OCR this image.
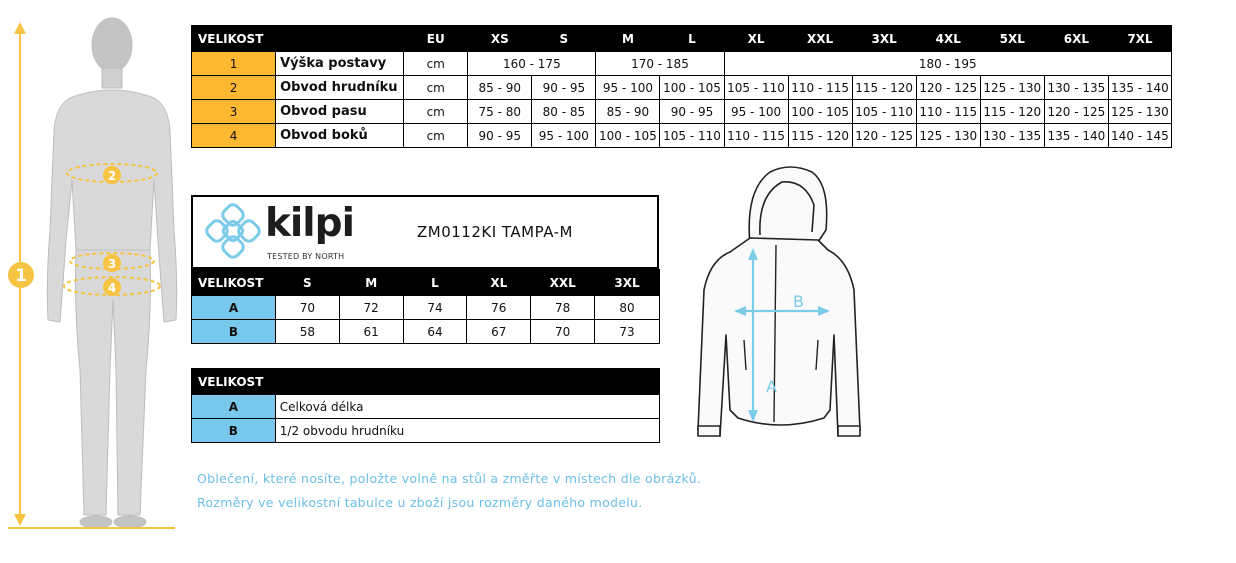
1
2
3
4
VELIKOST		EU	XS	S	M	L	XL	XXL	3XL	4XL	5XL	6XL	7XL
1	Výška postavy	cm	160 - 175		170 - 185		180 - 195						
2	Obvod hrudníku	cm	85 - 90	90 - 95	95 - 100	100 - 105	105 - 110	110 - 115	115 - 120	120 - 125	125 - 130	130 - 135	135 - 140
3	Obvod pasu	cm	75 - 80	80 - 85	85 - 90	90 - 95	95 - 100	100 - 105	105 - 110	110 - 115	115 - 120	120 - 125	125 - 130
4	Obvod boků	cm	90 - 95	95 - 100	100 - 105	105 - 110	110 - 115	115 - 120	120 - 125	125 - 130	130 - 135	135 - 140	140 - 145
kilpi
TESTED BY NORTH
ZM0112KI TAMPA-M
VELIKOST	S	M	L	XL	XXL	3XL
A	70	72	74	76	78	80
B	58	61	64	67	70	73
VELIKOST	
A	Celková délka
B	1/2 obvodu hrudníku
Oblečení, které nosíte, položte volně na stůl a změřte v místech dle obrázků.
Rozměry ve velikostní tabulce u zboží jsou rozměry daného modelu.
A
B
